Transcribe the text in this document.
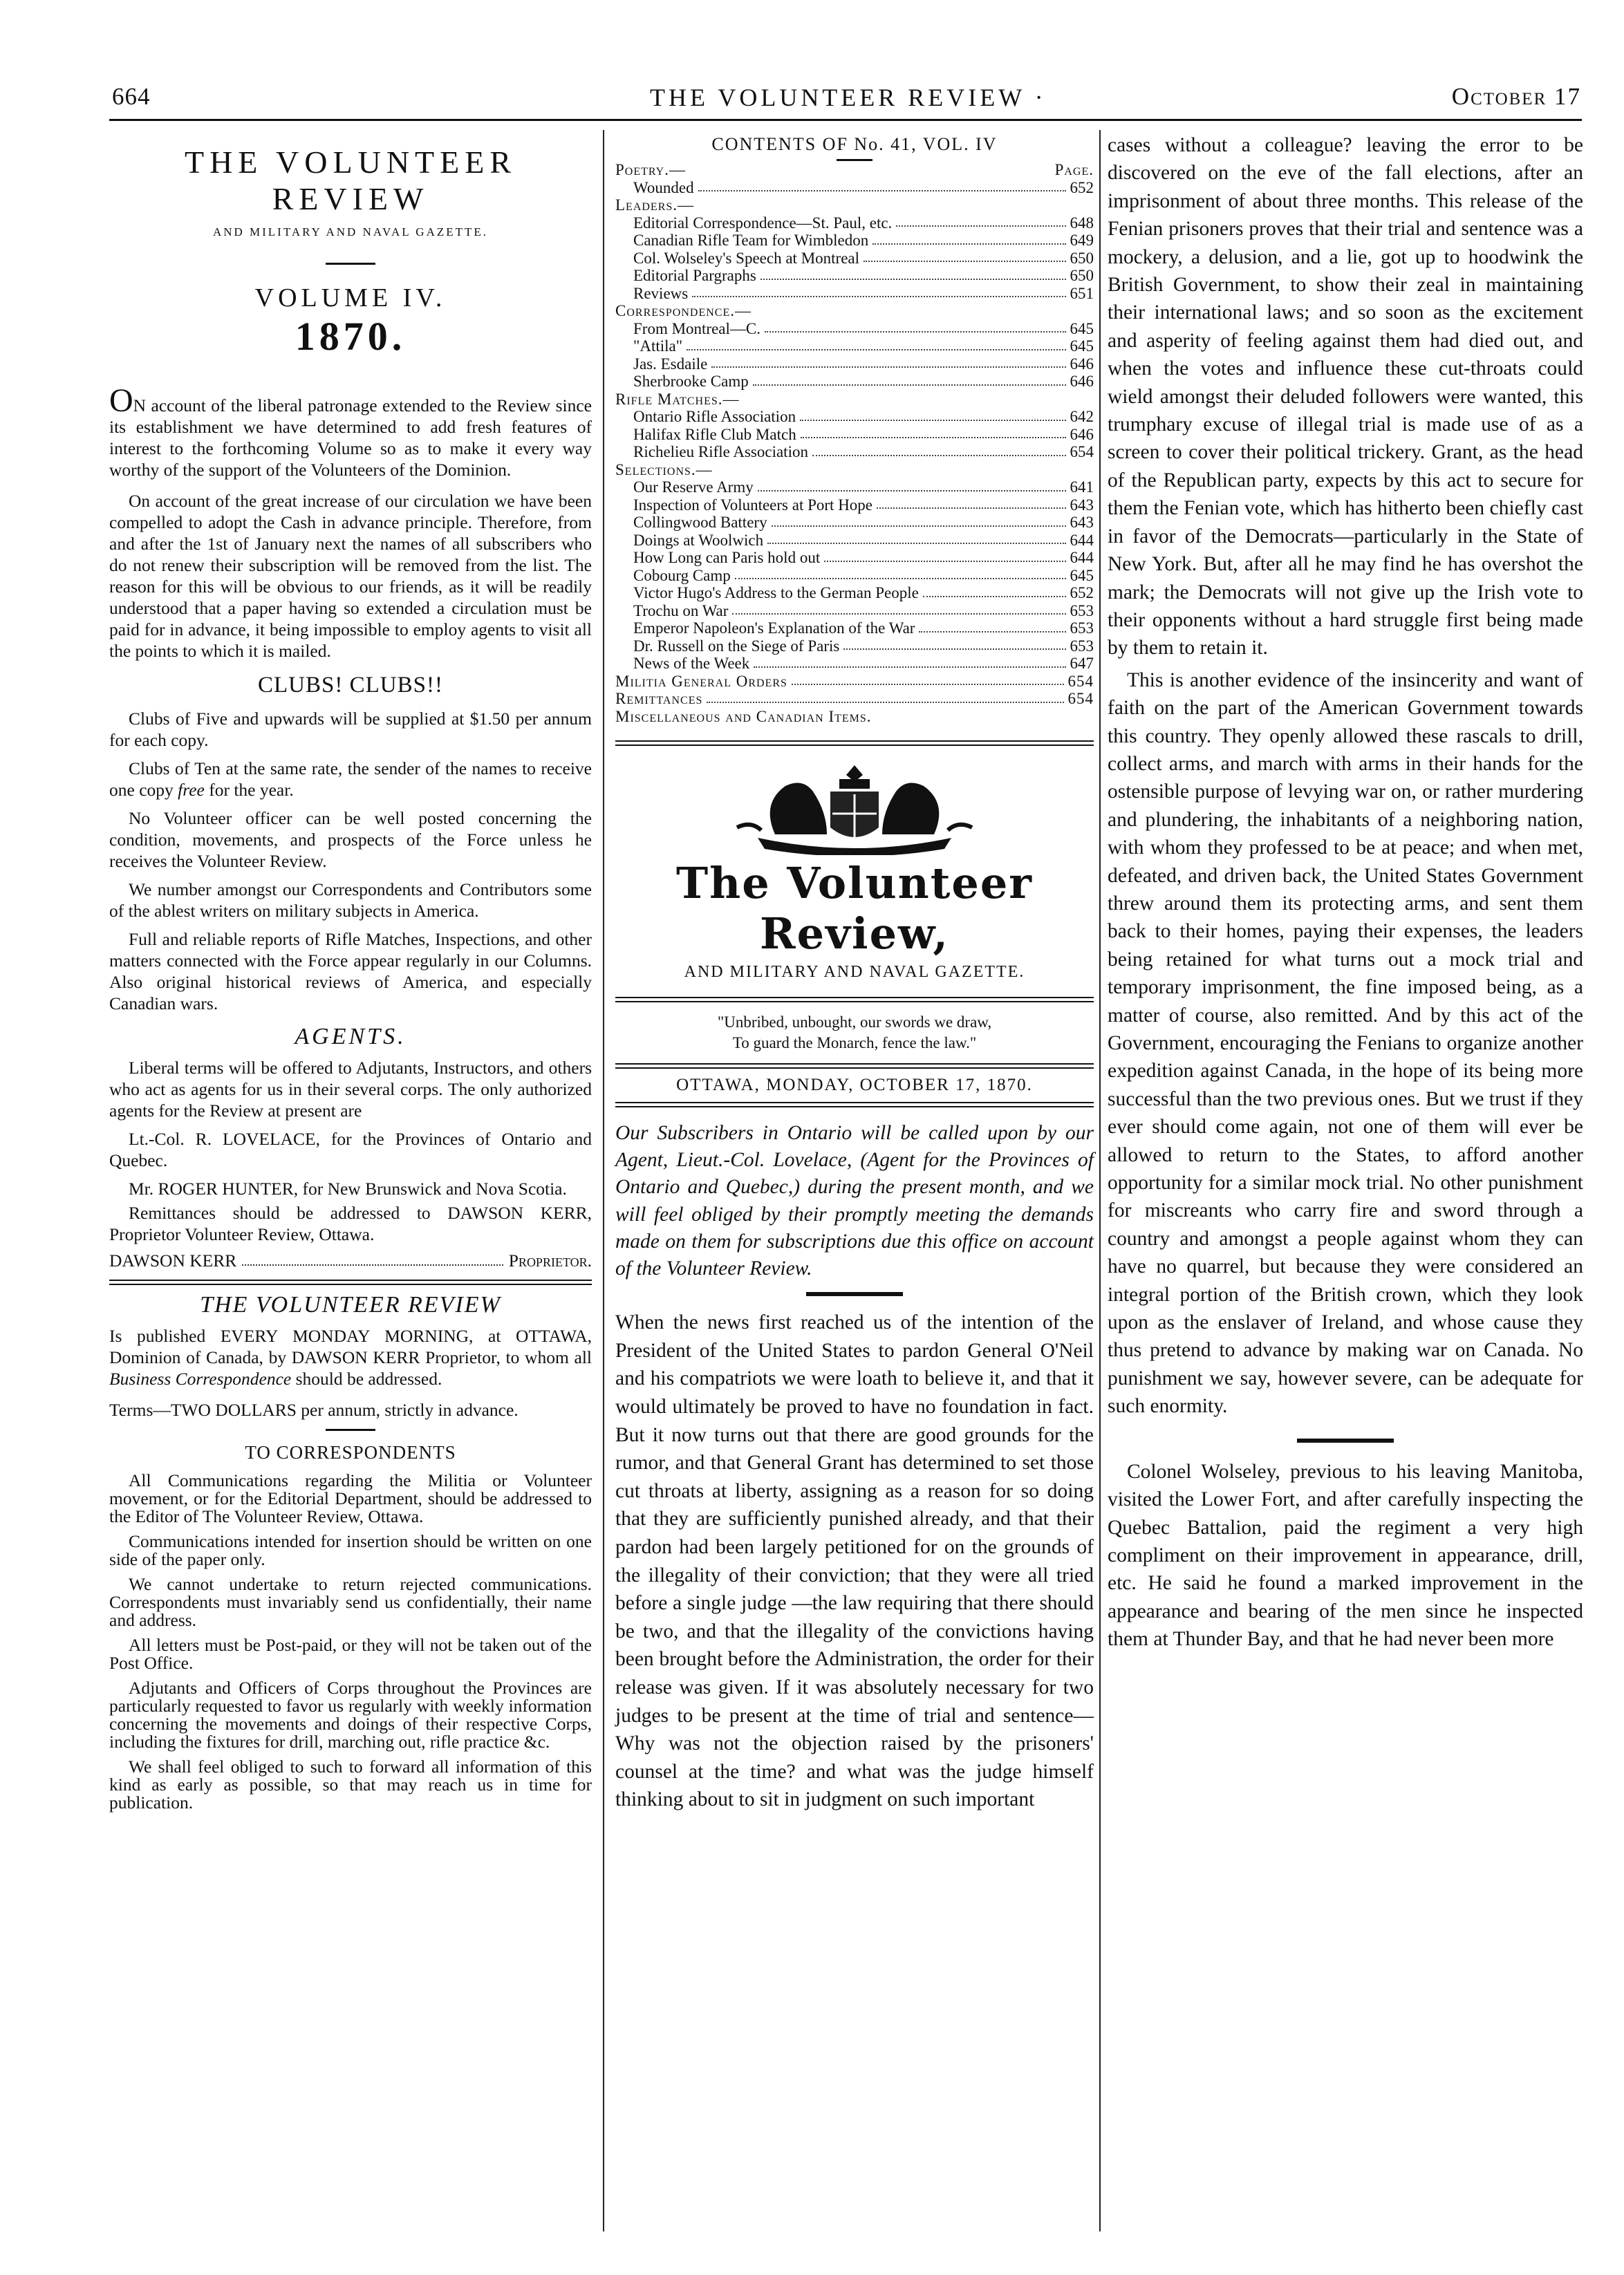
664	THE VOLUNTEER REVIEW ·	October 17
THE VOLUNTEER REVIEW
AND MILITARY AND NAVAL GAZETTE.
VOLUME IV.
1870.

ON account of the liberal patronage extended to the Review since its establishment we have determined to add fresh features of interest to the forthcoming Volume so as to make it every way worthy of the support of the Volunteers of the Dominion.

On account of the great increase of our circulation we have been compelled to adopt the Cash in advance principle. Therefore, from and after the 1st of January next the names of all subscribers who do not renew their subscription will be removed from the list. The reason for this will be obvious to our friends, as it will be readily understood that a paper having so extended a circulation must be paid for in advance, it being impossible to employ agents to visit all the points to which it is mailed.

CLUBS! CLUBS!!

Clubs of Five and upwards will be supplied at $1.50 per annum for each copy.

Clubs of Ten at the same rate, the sender of the names to receive one copy free for the year.

No Volunteer officer can be well posted concerning the condition, movements, and prospects of the Force unless he receives the Volunteer Review.

We number amongst our Correspondents and Contributors some of the ablest writers on military subjects in America.

Full and reliable reports of Rifle Matches, Inspections, and other matters connected with the Force appear regularly in our Columns. Also original historical reviews of America, and especially Canadian wars.

AGENTS.

Liberal terms will be offered to Adjutants, Instructors, and others who act as agents for us in their several corps. The only authorized agents for the Review at present are

Lt.-Col. R. LOVELACE, for the Provinces of Ontario and Quebec.

Mr. ROGER HUNTER, for New Brunswick and Nova Scotia.

Remittances should be addressed to DAWSON KERR, Proprietor Volunteer Review, Ottawa.

DAWSON KERR	Proprietor.
THE VOLUNTEER REVIEW

Is published EVERY MONDAY MORNING, at OTTAWA, Dominion of Canada, by DAWSON KERR Proprietor, to whom all Business Correspondence should be addressed.

Terms—TWO DOLLARS per annum, strictly in advance.

TO CORRESPONDENTS

All Communications regarding the Militia or Volunteer movement, or for the Editorial Department, should be addressed to the Editor of The Volunteer Review, Ottawa.

Communications intended for insertion should be written on one side of the paper only.

We cannot undertake to return rejected communications. Correspondents must invariably send us confidentially, their name and address.

All letters must be Post-paid, or they will not be taken out of the Post Office.

Adjutants and Officers of Corps throughout the Provinces are particularly requested to favor us regularly with weekly information concerning the movements and doings of their respective Corps, including the fixtures for drill, marching out, rifle practice &c.

We shall feel obliged to such to forward all information of this kind as early as possible, so that may reach us in time for publication.

CONTENTS OF No. 41, VOL. IV
Poetry.—	Page.
Wounded	652
Leaders.—
Editorial Correspondence—St. Paul, etc.	648
Canadian Rifle Team for Wimbledon	649
Col. Wolseley's Speech at Montreal	650
Editorial Pargraphs	650
Reviews	651
Correspondence.—
From Montreal—C.	645
"Attila"	645
Jas. Esdaile	646
Sherbrooke Camp	646
Rifle Matches.—
Ontario Rifle Association	642
Halifax Rifle Club Match	646
Richelieu Rifle Association	654
Selections.—
Our Reserve Army	641
Inspection of Volunteers at Port Hope	643
Collingwood Battery	643
Doings at Woolwich	644
How Long can Paris hold out	644
Cobourg Camp	645
Victor Hugo's Address to the German People	652
Trochu on War	653
Emperor Napoleon's Explanation of the War	653
Dr. Russell on the Siege of Paris	653
News of the Week	647
Militia General Orders	654
Remittances	654
Miscellaneous and Canadian Items.
The Volunteer Review,
AND MILITARY AND NAVAL GAZETTE.
"Unbribed, unbought, our swords we draw,
To guard the Monarch, fence the law."
OTTAWA, MONDAY, OCTOBER 17, 1870.

Our Subscribers in Ontario will be called upon by our Agent, Lieut.-Col. Lovelace, (Agent for the Provinces of Ontario and Quebec,) during the present month, and we will feel obliged by their promptly meeting the demands made on them for subscriptions due this office on account of the Volunteer Review.

When the news first reached us of the intention of the President of the United States to pardon General O'Neil and his compatriots we were loath to believe it, and that it would ultimately be proved to have no foundation in fact. But it now turns out that there are good grounds for the rumor, and that General Grant has determined to set those cut throats at liberty, assigning as a reason for so doing that they are sufficiently punished already, and that their pardon had been largely petitioned for on the grounds of the illegality of their conviction; that they were all tried before a single judge —the law requiring that there should be two, and that the illegality of the convictions having been brought before the Administration, the order for their release was given. If it was absolutely necessary for two judges to be present at the time of trial and sentence—Why was not the objection raised by the prisoners' counsel at the time? and what was the judge himself thinking about to sit in judgment on such important

cases without a colleague? leaving the error to be discovered on the eve of the fall elections, after an imprisonment of about three months. This release of the Fenian prisoners proves that their trial and sentence was a mockery, a delusion, and a lie, got up to hoodwink the British Government, to show their zeal in maintaining their international laws; and so soon as the excitement and asperity of feeling against them had died out, and when the votes and influence these cut-throats could wield amongst their deluded followers were wanted, this trumphary excuse of illegal trial is made use of as a screen to cover their political trickery. Grant, as the head of the Republican party, expects by this act to secure for them the Fenian vote, which has hitherto been chiefly cast in favor of the Democrats—particularly in the State of New York. But, after all he may find he has overshot the mark; the Democrats will not give up the Irish vote to their opponents without a hard struggle first being made by them to retain it.

This is another evidence of the insincerity and want of faith on the part of the American Government towards this country. They openly allowed these rascals to drill, collect arms, and march with arms in their hands for the ostensible purpose of levying war on, or rather murdering and plundering, the inhabitants of a neighboring nation, with whom they professed to be at peace; and when met, defeated, and driven back, the United States Government threw around them its protecting arms, and sent them back to their homes, paying their expenses, the leaders being retained for what turns out a mock trial and temporary imprisonment, the fine imposed being, as a matter of course, also remitted. And by this act of the Government, encouraging the Fenians to organize another expedition against Canada, in the hope of its being more successful than the two previous ones. But we trust if they ever should come again, not one of them will ever be allowed to return to the States, to afford another opportunity for a similar mock trial. No other punishment for miscreants who carry fire and sword through a country and amongst a people against whom they can have no quarrel, but because they were considered an integral portion of the British crown, which they look upon as the enslaver of Ireland, and whose cause they thus pretend to advance by making war on Canada. No punishment we say, however severe, can be adequate for such enormity.

Colonel Wolseley, previous to his leaving Manitoba, visited the Lower Fort, and after carefully inspecting the Quebec Battalion, paid the regiment a very high compliment on their improvement in appearance, drill, etc. He said he found a marked improvement in the appearance and bearing of the men since he inspected them at Thunder Bay, and that he had never been more
